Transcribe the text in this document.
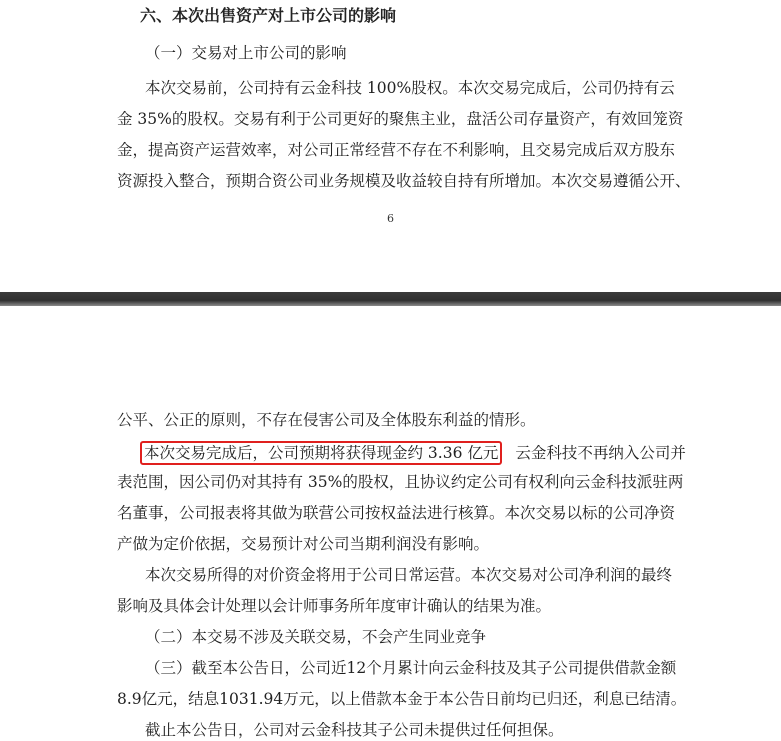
六、本次出售资产对上市公司的影响
（一）交易对上市公司的影响
本次交易前，公司持有云金科技 100%股权。本次交易完成后，公司仍持有云
金 35%的股权。交易有利于公司更好的聚焦主业，盘活公司存量资产，有效回笼资
金，提高资产运营效率，对公司正常经营不存在不利影响，且交易完成后双方股东
资源投入整合，预期合资公司业务规模及收益较自持有所增加。本次交易遵循公开、
6
公平、公正的原则，不存在侵害公司及全体股东利益的情形。
本次交易完成后，公司预期将获得现金约 3.36 亿元 云金科技不再纳入公司并
表范围，因公司仍对其持有 35%的股权，且协议约定公司有权利向云金科技派驻两
名董事，公司报表将其做为联营公司按权益法进行核算。本次交易以标的公司净资
产做为定价依据，交易预计对公司当期利润没有影响。
本次交易所得的对价资金将用于公司日常运营。本次交易对公司净利润的最终
影响及具体会计处理以会计师事务所年度审计确认的结果为准。
（二）本交易不涉及关联交易，不会产生同业竞争
（三）截至本公告日，公司近12个月累计向云金科技及其子公司提供借款金额
8.9亿元，结息1031.94万元，以上借款本金于本公告日前均已归还，利息已结清。
截止本公告日，公司对云金科技其子公司未提供过任何担保。
